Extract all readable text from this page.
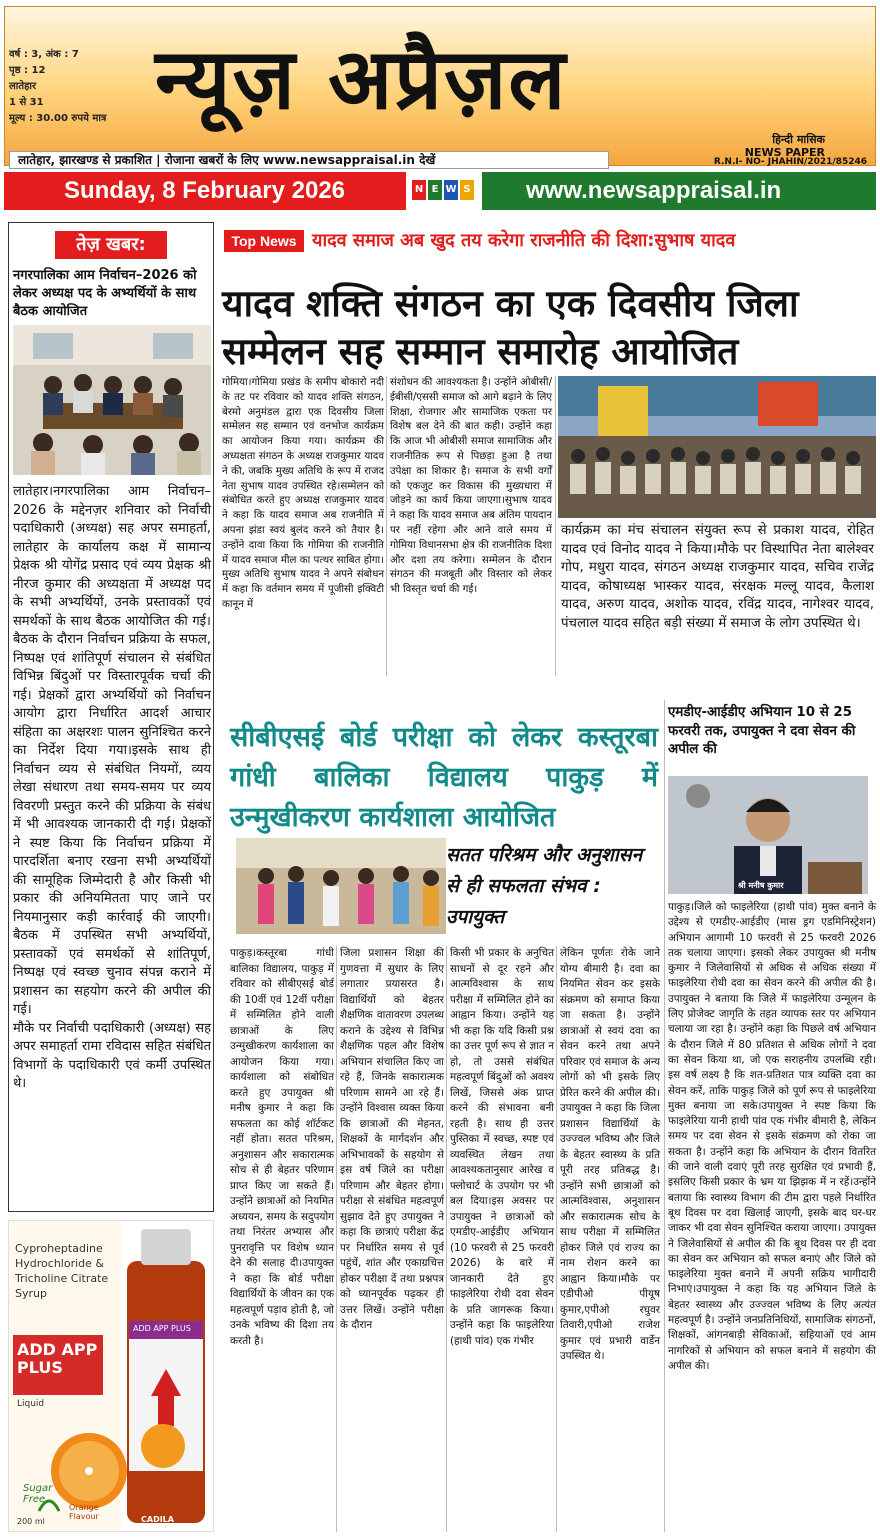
वर्ष : 3, अंक : 7
पृष्ठ : 12
लातेहार
1 से 31
मूल्य : 30.00 रुपये मात्र न्यूज़ अप्रैज़ल
हिन्दी मासिक
NEWS PAPER
R.N.I- NO- JHAHIN/2021/85246
लातेहार, झारखण्ड से प्रकाशित | रोजाना खबरों के लिए www.newsappraisal.in देखें
Sunday, 8 February 2026	N E W S	www.newsappraisal.in
तेज़ खबर:
नगरपालिका आम निर्वाचन–2026 को लेकर अध्यक्ष पद के अभ्यर्थियों के साथ बैठक आयोजित
लातेहार।नगरपालिका आम निर्वाचन–2026 के मद्देनज़र शनिवार को निर्वाची पदाधिकारी (अध्यक्ष) सह अपर समाहर्ता, लातेहार के कार्यालय कक्ष में सामान्य प्रेक्षक श्री योगेंद्र प्रसाद एवं व्यय प्रेक्षक श्री नीरज कुमार की अध्यक्षता में अध्यक्ष पद के सभी अभ्यर्थियों, उनके प्रस्तावकों एवं समर्थकों के साथ बैठक आयोजित की गई।बैठक के दौरान निर्वाचन प्रक्रिया के सफल, निष्पक्ष एवं शांतिपूर्ण संचालन से संबंधित विभिन्न बिंदुओं पर विस्तारपूर्वक चर्चा की गई। प्रेक्षकों द्वारा अभ्यर्थियों को निर्वाचन आयोग द्वारा निर्धारित आदर्श आचार संहिता का अक्षरशः पालन सुनिश्चित करने का निर्देश दिया गया।इसके साथ ही निर्वाचन व्यय से संबंधित नियमों, व्यय लेखा संधारण तथा समय-समय पर व्यय विवरणी प्रस्तुत करने की प्रक्रिया के संबंध में भी आवश्यक जानकारी दी गई। प्रेक्षकों ने स्पष्ट किया कि निर्वाचन प्रक्रिया में पारदर्शिता बनाए रखना सभी अभ्यर्थियों की सामूहिक जिम्मेदारी है और किसी भी प्रकार की अनियमितता पाए जाने पर नियमानुसार कड़ी कार्रवाई की जाएगी।बैठक में उपस्थित सभी अभ्यर्थियों, प्रस्तावकों एवं समर्थकों से शांतिपूर्ण, निष्पक्ष एवं स्वच्छ चुनाव संपन्न कराने में प्रशासन का सहयोग करने की अपील की गई।
मौके पर निर्वाची पदाधिकारी (अध्यक्ष) सह अपर समाहर्ता रामा रविदास सहित संबंधित विभागों के पदाधिकारी एवं कर्मी उपस्थित थे।
Cyproheptadine Hydrochloride & Tricholine Citrate Syrup
ADD APP
PLUS
Liquid
Sugar Free
Orange Flavour
200 ml
ADD APP PLUS
CADILA
Top News यादव समाज अब खुद तय करेगा राजनीति की दिशा:सुभाष यादव
यादव शक्ति संगठन का एक दिवसीय जिला सम्मेलन सह सम्मान समारोह आयोजित
गोमिया।गोमिया प्रखंड के समीप बोकारो नदी के तट पर रविवार को यादव शक्ति संगठन, बेरमो अनुमंडल द्वारा एक दिवसीय जिला सम्मेलन सह सम्मान एवं वनभोज कार्यक्रम का आयोजन किया गया। कार्यक्रम की अध्यक्षता संगठन के अध्यक्ष राजकुमार यादव ने की, जबकि मुख्य अतिथि के रूप में राजद नेता सुभाष यादव उपस्थित रहे।सम्मेलन को संबोधित करते हुए अध्यक्ष राजकुमार यादव ने कहा कि यादव समाज अब राजनीति में अपना झंडा स्वयं बुलंद करने को तैयार है। उन्होंने दावा किया कि गोमिया की राजनीति में यादव समाज मील का पत्थर साबित होगा।मुख्य अतिथि सुभाष यादव ने अपने संबोधन में कहा कि वर्तमान समय में पूजीसी इक्विटी कानून में
संशोधन की आवश्यकता है। उन्होंने ओबीसी/ईबीसी/एससी समाज को आगे बढ़ाने के लिए शिक्षा, रोजगार और सामाजिक एकता पर विशेष बल देने की बात कही। उन्होंने कहा कि आज भी ओबीसी समाज सामाजिक और राजनीतिक रूप से पिछड़ा हुआ है तथा उपेक्षा का शिकार है। समाज के सभी वर्गों को एकजुट कर विकास की मुख्यधारा में जोड़ने का कार्य किया जाएगा।सुभाष यादव ने कहा कि यादव समाज अब अंतिम पायदान पर नहीं रहेगा और आने वाले समय में गोमिया विधानसभा क्षेत्र की राजनीतिक दिशा और दशा तय करेगा। सम्मेलन के दौरान संगठन की मजबूती और विस्तार को लेकर भी विस्तृत चर्चा की गई।
कार्यक्रम का मंच संचालन संयुक्त रूप से प्रकाश यादव, रोहित यादव एवं विनोद यादव ने किया।मौके पर विस्थापित नेता बालेश्वर गोप, मधुरा यादव, संगठन अध्यक्ष राजकुमार यादव, सचिव राजेंद्र यादव, कोषाध्यक्ष भास्कर यादव, संरक्षक मल्लू यादव, कैलाश यादव, अरुण यादव, अशोक यादव, रविंद्र यादव, नागेश्वर यादव, पंचलाल यादव सहित बड़ी संख्या में समाज के लोग उपस्थित थे।
सीबीएसई बोर्ड परीक्षा को लेकर कस्तूरबा गांधी बालिका विद्यालय पाकुड़ में उन्मुखीकरण कार्यशाला आयोजित
सतत परिश्रम और अनुशासन से ही सफलता संभव : उपायुक्त
पाकुड़।कस्तूरबा गांधी बालिका विद्यालय, पाकुड़ में रविवार को सीबीएसई बोर्ड की 10वीं एवं 12वीं परीक्षा में सम्मिलित होने वाली छात्राओं के लिए उन्मुखीकरण कार्यशाला का आयोजन किया गया। कार्यशाला को संबोधित करते हुए उपायुक्त श्री मनीष कुमार ने कहा कि सफलता का कोई शॉर्टकट नहीं होता। सतत परिश्रम, अनुशासन और सकारात्मक सोच से ही बेहतर परिणाम प्राप्त किए जा सकते हैं। उन्होंने छात्राओं को नियमित अध्ययन, समय के सदुपयोग तथा निरंतर अभ्यास और पुनरावृत्ति पर विशेष ध्यान देने की सलाह दी।उपायुक्त ने कहा कि बोर्ड परीक्षा विद्यार्थियों के जीवन का एक महत्वपूर्ण पड़ाव होती है, जो उनके भविष्य की दिशा तय करती है।
जिला प्रशासन शिक्षा की गुणवत्ता में सुधार के लिए लगातार प्रयासरत है। विद्यार्थियों को बेहतर शैक्षणिक वातावरण उपलब्ध कराने के उद्देश्य से विभिन्न शैक्षणिक पहल और विशेष अभियान संचालित किए जा रहे हैं, जिनके सकारात्मक परिणाम सामने आ रहे हैं। उन्होंने विश्वास व्यक्त किया कि छात्राओं की मेहनत, शिक्षकों के मार्गदर्शन और अभिभावकों के सहयोग से इस वर्ष जिले का परीक्षा परिणाम और बेहतर होगा। परीक्षा से संबंधित महत्वपूर्ण सुझाव देते हुए उपायुक्त ने कहा कि छात्राएं परीक्षा केंद्र पर निर्धारित समय से पूर्व पहुंचें, शांत और एकाग्रचित्त होकर परीक्षा दें तथा प्रश्नपत्र को ध्यानपूर्वक पढ़कर ही उत्तर लिखें। उन्होंने परीक्षा के दौरान
किसी भी प्रकार के अनुचित साधनों से दूर रहने और आत्मविश्वास के साथ परीक्षा में सम्मिलित होने का आह्वान किया। उन्होंने यह भी कहा कि यदि किसी प्रश्न का उत्तर पूर्ण रूप से ज्ञात न हो, तो उससे संबंधित महत्वपूर्ण बिंदुओं को अवश्य लिखें, जिससे अंक प्राप्त करने की संभावना बनी रहती है। साथ ही उत्तर पुस्तिका में स्वच्छ, स्पष्ट एवं व्यवस्थित लेखन तथा आवश्यकतानुसार आरेख व फ्लोचार्ट के उपयोग पर भी बल दिया।इस अवसर पर उपायुक्त ने छात्राओं को एमडीए-आईडीए अभियान (10 फरवरी से 25 फरवरी 2026) के बारे में जानकारी देते हुए फाइलेरिया रोधी दवा सेवन के प्रति जागरूक किया। उन्होंने कहा कि फाइलेरिया (हाथी पांव) एक गंभीर
लेकिन पूर्णतः रोके जाने योग्य बीमारी है। दवा का नियमित सेवन कर इसके संक्रमण को समाप्त किया जा सकता है। उन्होंने छात्राओं से स्वयं दवा का सेवन करने तथा अपने परिवार एवं समाज के अन्य लोगों को भी इसके लिए प्रेरित करने की अपील की। उपायुक्त ने कहा कि जिला प्रशासन विद्यार्थियों के उज्ज्वल भविष्य और जिले के बेहतर स्वास्थ्य के प्रति पूरी तरह प्रतिबद्ध है। उन्होंने सभी छात्राओं को आत्मविश्वास, अनुशासन और सकारात्मक सोच के साथ परीक्षा में सम्मिलित होकर जिले एवं राज्य का नाम रोशन करने का आह्वान किया।मौके पर एडीपीओ पीयूष कुमार,एपीओ रघुवर तिवारी,एपीओ राजेश कुमार एवं प्रभारी वार्डेन उपस्थित थे।
एमडीए-आईडीए अभियान 10 से 25 फरवरी तक, उपायुक्त ने दवा सेवन की अपील की
श्री मनीष कुमार
पाकुड़।जिले को फाइलेरिया (हाथी पांव) मुक्त बनाने के उद्देश्य से एमडीए-आईडीए (मास ड्रग एडमिनिस्ट्रेशन) अभियान आगामी 10 फरवरी से 25 फरवरी 2026 तक चलाया जाएगा। इसको लेकर उपायुक्त श्री मनीष कुमार ने जिलेवासियों से अधिक से अधिक संख्या में फाइलेरिया रोधी दवा का सेवन करने की अपील की है।उपायुक्त ने बताया कि जिले में फाइलेरिया उन्मूलन के लिए प्रोजेक्ट जागृति के तहत व्यापक स्तर पर अभियान चलाया जा रहा है। उन्होंने कहा कि पिछले वर्ष अभियान के दौरान जिले में 80 प्रतिशत से अधिक लोगों ने दवा का सेवन किया था, जो एक सराहनीय उपलब्धि रही। इस वर्ष लक्ष्य है कि शत-प्रतिशत पात्र व्यक्ति दवा का सेवन करें, ताकि पाकुड़ जिले को पूर्ण रूप से फाइलेरिया मुक्त बनाया जा सके।उपायुक्त ने स्पष्ट किया कि फाइलेरिया यानी हाथी पांव एक गंभीर बीमारी है, लेकिन समय पर दवा सेवन से इसके संक्रमण को रोका जा सकता है। उन्होंने कहा कि अभियान के दौरान वितरित की जाने वाली दवाएं पूरी तरह सुरक्षित एवं प्रभावी हैं, इसलिए किसी प्रकार के भ्रम या झिझक में न रहें।उन्होंने बताया कि स्वास्थ्य विभाग की टीम द्वारा पहले निर्धारित बूथ दिवस पर दवा खिलाई जाएगी, इसके बाद घर-घर जाकर भी दवा सेवन सुनिश्चित कराया जाएगा। उपायुक्त ने जिलेवासियों से अपील की कि बूथ दिवस पर ही दवा का सेवन कर अभियान को सफल बनाएं और जिले को फाइलेरिया मुक्त बनाने में अपनी सक्रिय भागीदारी निभाएं।उपायुक्त ने कहा कि यह अभियान जिले के बेहतर स्वास्थ्य और उज्ज्वल भविष्य के लिए अत्यंत महत्वपूर्ण है। उन्होंने जनप्रतिनिधियों, सामाजिक संगठनों, शिक्षकों, आंगनबाड़ी सेविकाओं, सहियाओं एवं आम नागरिकों से अभियान को सफल बनाने में सहयोग की अपील की।
